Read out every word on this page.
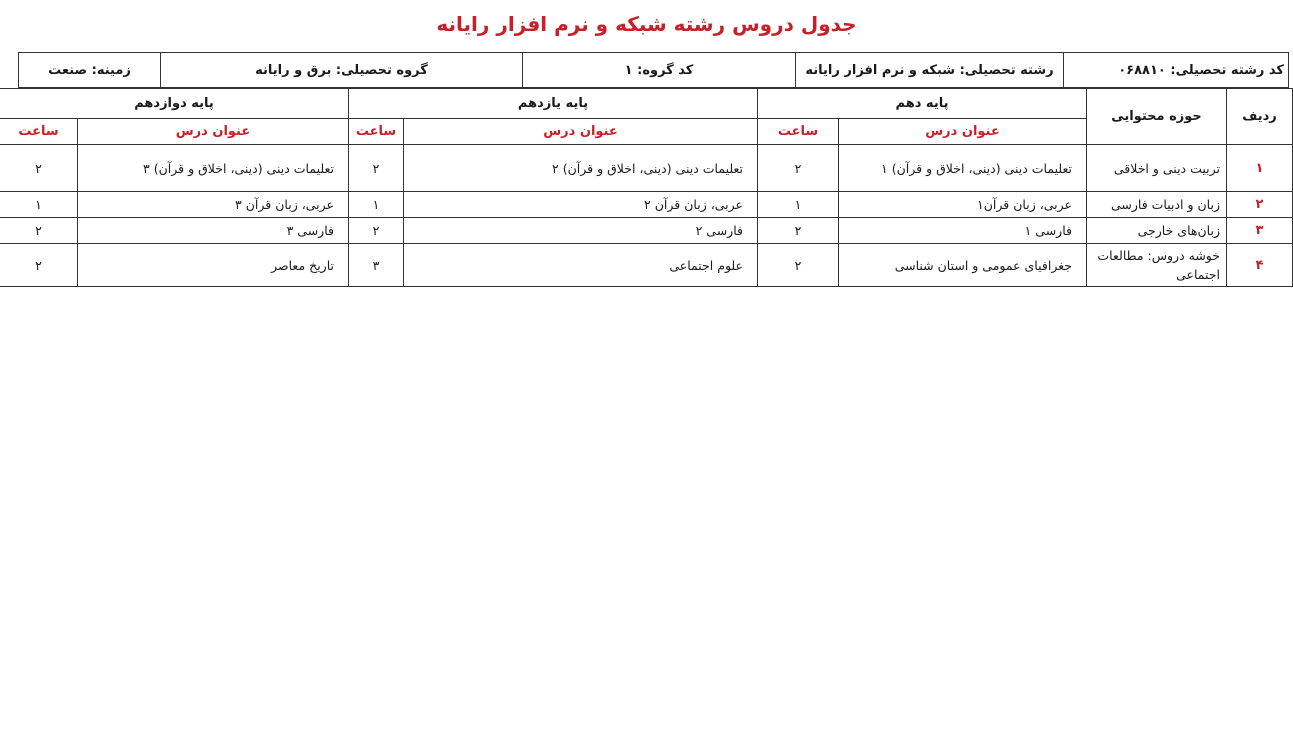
جدول دروس رشته شبکه و نرم افزار رایانه
کد رشته تحصیلی: ۰۶۸۸۱۰	رشته تحصیلی: شبکه و نرم افزار رایانه	کد گروه: ۱	گروه تحصیلی: برق و رایانه	زمینه: صنعت
ردیف	حوزه محتوایی	پایه دهم		پایه یازدهم		پایه دوازدهم	
		عنوان درس	ساعت	عنوان درس	ساعت	عنوان درس	ساعت
۱	تربیت دینی و اخلاقی	تعلیمات دینی (دینی، اخلاق و قرآن) ۱	۲	تعلیمات دینی (دینی، اخلاق و قرآن) ۲	۲	تعلیمات دینی (دینی، اخلاق و قرآن) ۳	۲
۲	زبان و ادبیات فارسی	عربی، زبان قرآن۱	۱	عربی، زبان قرآن ۲	۱	عربی، زبان قرآن ۳	۱
۳	زبان‌های خارجی	فارسی ۱	۲	فارسی ۲	۲	فارسی ۳	۲
۴	خوشه دروس: مطالعات اجتماعی	جغرافیای عمومی و استان شناسی	۲	علوم اجتماعی	۳	تاریخ معاصر	۲
